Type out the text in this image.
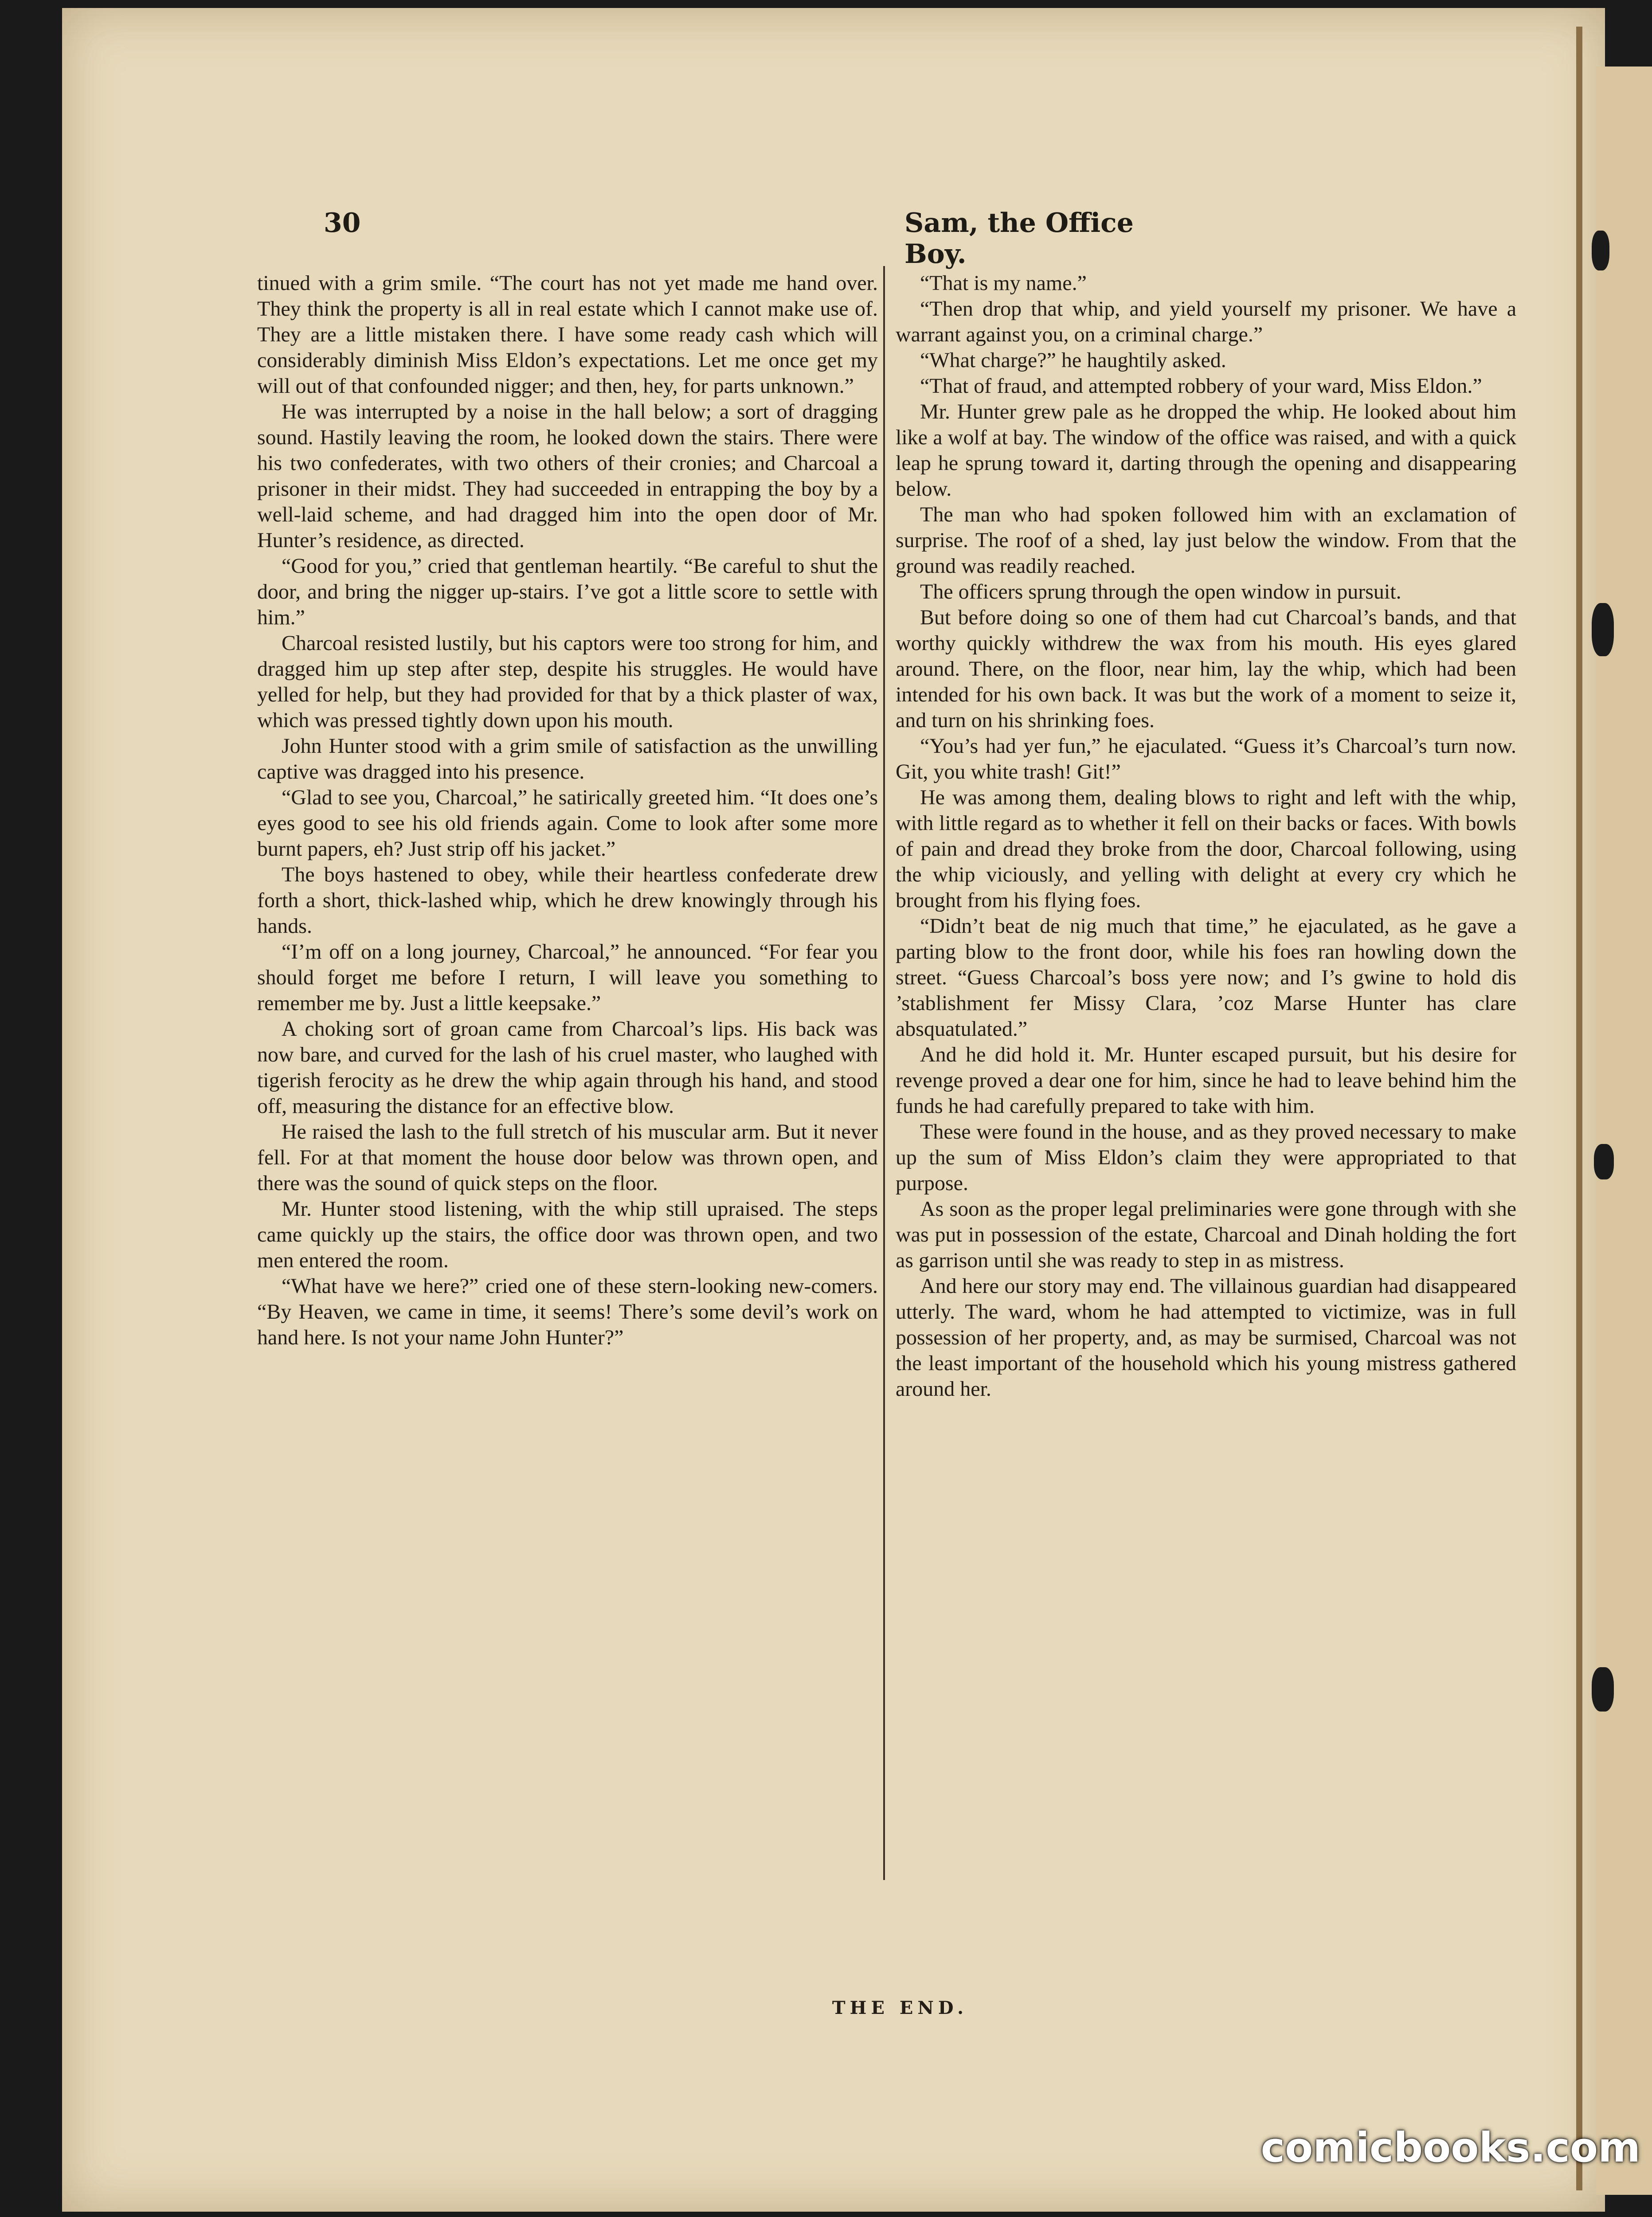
30	Sam, the Office Boy.

tinued with a grim smile. “The court has not yet made me hand over. They think the property is all in real estate which I cannot make use of. They are a little mistaken there. I have some ready cash which will considerably diminish Miss Eldon’s expectations. Let me once get my will out of that confounded nigger; and then, hey, for parts unknown.”

He was interrupted by a noise in the hall below; a sort of dragging sound. Hastily leaving the room, he looked down the stairs. There were his two confederates, with two others of their cronies; and Charcoal a prisoner in their midst. They had succeeded in entrapping the boy by a well-laid scheme, and had dragged him into the open door of Mr. Hunter’s residence, as directed.

“Good for you,” cried that gentleman heartily. “Be careful to shut the door, and bring the nigger up-stairs. I’ve got a little score to settle with him.”

Charcoal resisted lustily, but his captors were too strong for him, and dragged him up step after step, despite his struggles. He would have yelled for help, but they had provided for that by a thick plaster of wax, which was pressed tightly down upon his mouth.

John Hunter stood with a grim smile of satisfaction as the unwilling captive was dragged into his presence.

“Glad to see you, Charcoal,” he satirically greeted him. “It does one’s eyes good to see his old friends again. Come to look after some more burnt papers, eh? Just strip off his jacket.”

The boys hastened to obey, while their heartless confederate drew forth a short, thick-lashed whip, which he drew knowingly through his hands.

“I’m off on a long journey, Charcoal,” he announced. “For fear you should forget me before I return, I will leave you something to remember me by. Just a little keepsake.”

A choking sort of groan came from Charcoal’s lips. His back was now bare, and curved for the lash of his cruel master, who laughed with tigerish ferocity as he drew the whip again through his hand, and stood off, measuring the distance for an effective blow.

He raised the lash to the full stretch of his muscular arm. But it never fell. For at that moment the house door below was thrown open, and there was the sound of quick steps on the floor.

Mr. Hunter stood listening, with the whip still upraised. The steps came quickly up the stairs, the office door was thrown open, and two men entered the room.

“What have we here?” cried one of these stern-looking new-comers. “By Heaven, we came in time, it seems! There’s some devil’s work on hand here. Is not your name John Hunter?”

“That is my name.”

“Then drop that whip, and yield yourself my prisoner. We have a warrant against you, on a criminal charge.”

“What charge?” he haughtily asked.

“That of fraud, and attempted robbery of your ward, Miss Eldon.”

Mr. Hunter grew pale as he dropped the whip. He looked about him like a wolf at bay. The window of the office was raised, and with a quick leap he sprung toward it, darting through the opening and disappearing below.

The man who had spoken followed him with an exclamation of surprise. The roof of a shed, lay just below the window. From that the ground was readily reached.

The officers sprung through the open window in pursuit.

But before doing so one of them had cut Charcoal’s bands, and that worthy quickly withdrew the wax from his mouth. His eyes glared around. There, on the floor, near him, lay the whip, which had been intended for his own back. It was but the work of a moment to seize it, and turn on his shrinking foes.

“You’s had yer fun,” he ejaculated. “Guess it’s Charcoal’s turn now. Git, you white trash! Git!”

He was among them, dealing blows to right and left with the whip, with little regard as to whether it fell on their backs or faces. With bowls of pain and dread they broke from the door, Charcoal following, using the whip viciously, and yelling with delight at every cry which he brought from his flying foes.

“Didn’t beat de nig much that time,” he ejaculated, as he gave a parting blow to the front door, while his foes ran howling down the street. “Guess Charcoal’s boss yere now; and I’s gwine to hold dis ’stablishment fer Missy Clara, ’coz Marse Hunter has clare absquatulated.”

And he did hold it. Mr. Hunter escaped pursuit, but his desire for revenge proved a dear one for him, since he had to leave behind him the funds he had carefully prepared to take with him.

These were found in the house, and as they proved necessary to make up the sum of Miss Eldon’s claim they were appropriated to that purpose.

As soon as the proper legal preliminaries were gone through with she was put in possession of the estate, Charcoal and Dinah holding the fort as garrison until she was ready to step in as mistress.

And here our story may end. The villainous guardian had disappeared utterly. The ward, whom he had attempted to victimize, was in full possession of her property, and, as may be surmised, Charcoal was not the least important of the household which his young mistress gathered around her.

THE END.
comicbooks.com
